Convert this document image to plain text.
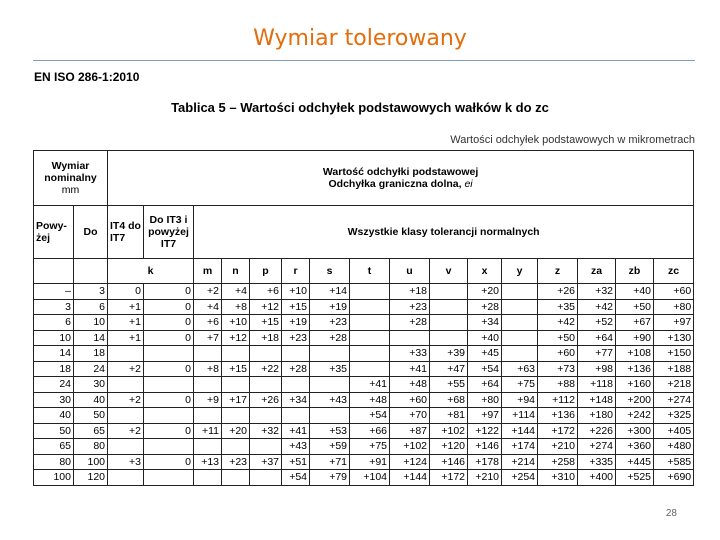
Wymiar tolerowany
EN ISO 286-1:2010
Tablica 5 – Wartości odchyłek podstawowych wałków k do zc
Wartości odchyłek podstawowych w mikrometrach
Wymiar
nominalny
mm		Wartość odchyłki podstawowej
Odchyłka graniczna dolna, ei															
Powy-żej	Do	IT4 do IT7	Do IT3 i powyżej IT7	Wszystkie klasy tolerancji normalnych													
		k		m	n	p	r	s	t	u	v	x	y	z	za	zb	zc
–	3	0	0	+2	+4	+6	+10	+14		+18		+20		+26	+32	+40	+60
3	6	+1	0	+4	+8	+12	+15	+19		+23		+28		+35	+42	+50	+80
6	10	+1	0	+6	+10	+15	+19	+23		+28		+34		+42	+52	+67	+97
10	14	+1	0	+7	+12	+18	+23	+28				+40		+50	+64	+90	+130
14	18									+33	+39	+45		+60	+77	+108	+150
18	24	+2	0	+8	+15	+22	+28	+35		+41	+47	+54	+63	+73	+98	+136	+188
24	30								+41	+48	+55	+64	+75	+88	+118	+160	+218
30	40	+2	0	+9	+17	+26	+34	+43	+48	+60	+68	+80	+94	+112	+148	+200	+274
40	50								+54	+70	+81	+97	+114	+136	+180	+242	+325
50	65	+2	0	+11	+20	+32	+41	+53	+66	+87	+102	+122	+144	+172	+226	+300	+405
65	80						+43	+59	+75	+102	+120	+146	+174	+210	+274	+360	+480
80	100	+3	0	+13	+23	+37	+51	+71	+91	+124	+146	+178	+214	+258	+335	+445	+585
100	120						+54	+79	+104	+144	+172	+210	+254	+310	+400	+525	+690
28
